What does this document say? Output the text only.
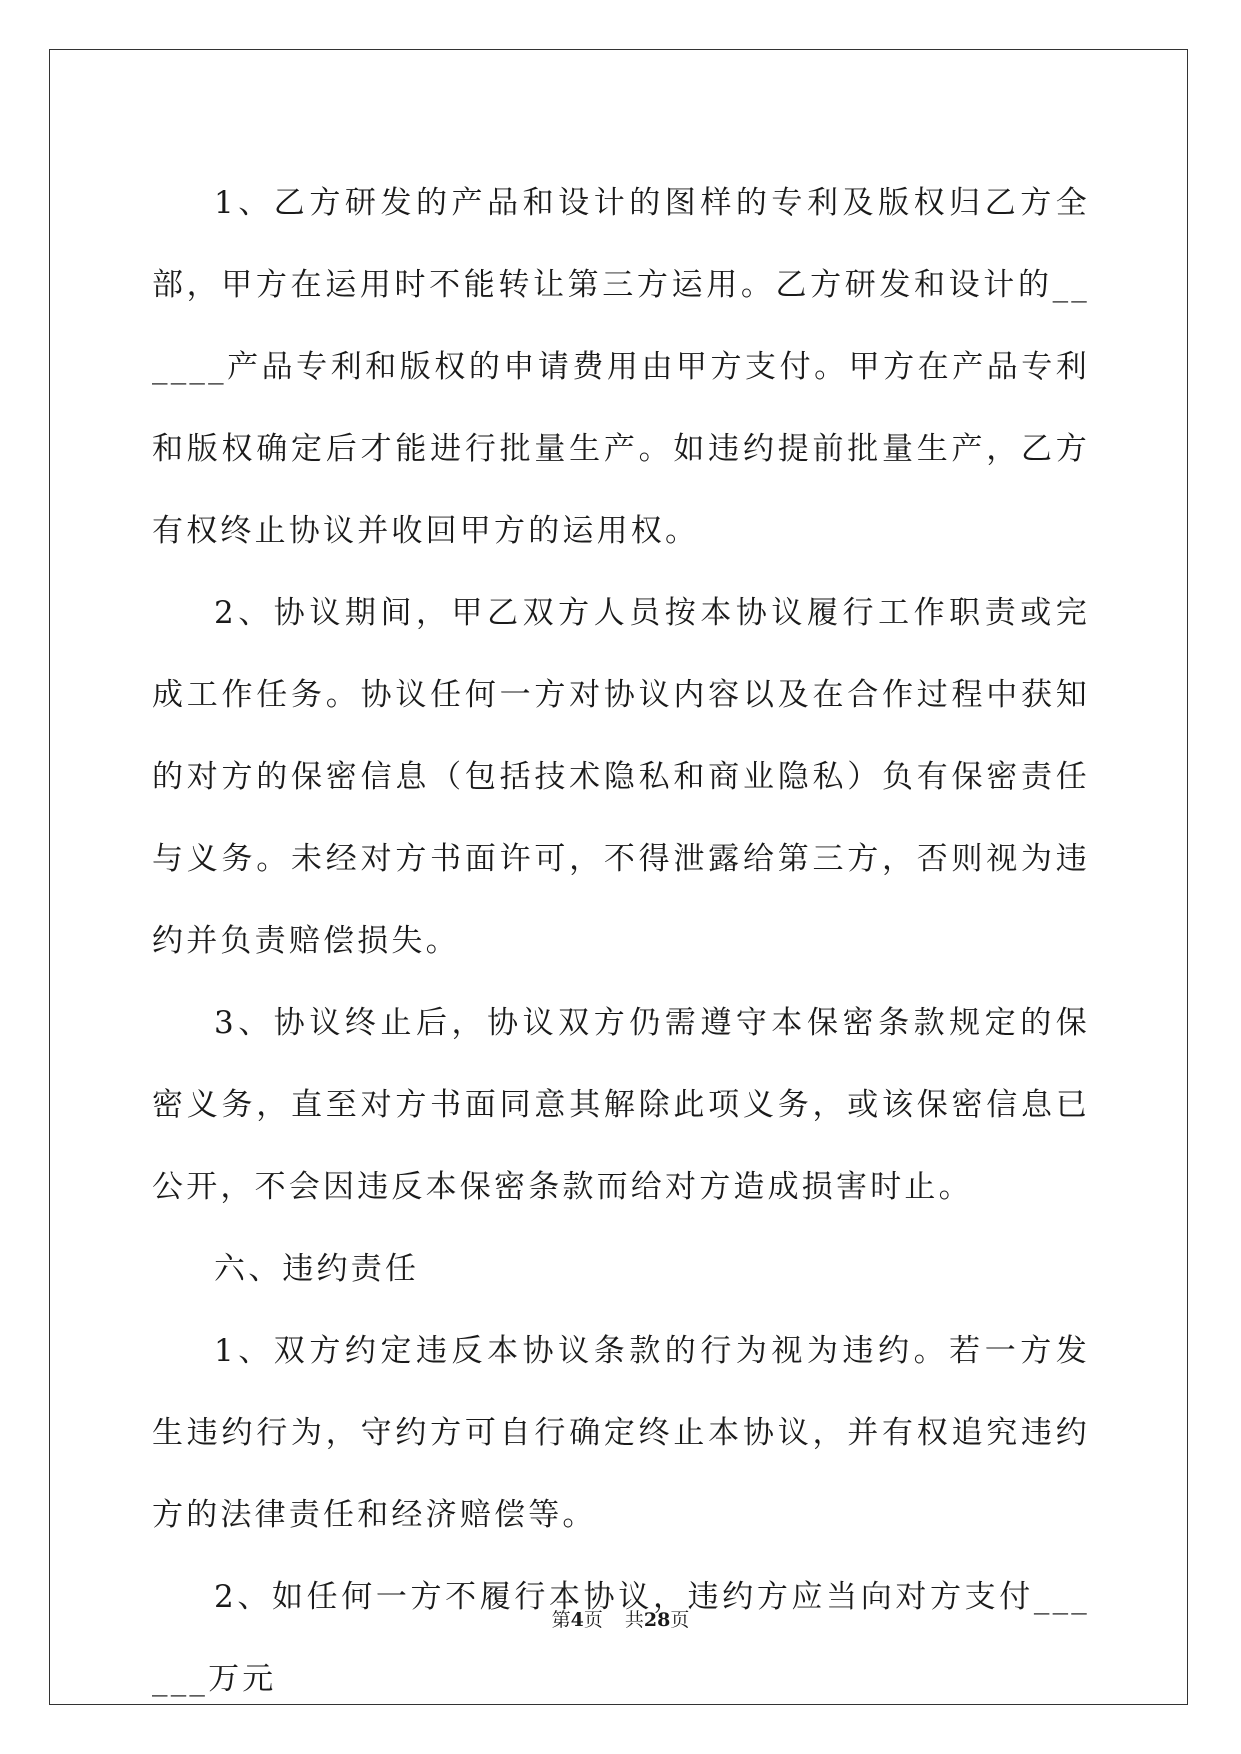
1、乙方研发的产品和设计的图样的专利及版权归乙方全部，甲方在运用时不能转让第三方运用。乙方研发和设计的______产品专利和版权的申请费用由甲方支付。甲方在产品专利和版权确定后才能进行批量生产。如违约提前批量生产，乙方有权终止协议并收回甲方的运用权。

2、协议期间，甲乙双方人员按本协议履行工作职责或完成工作任务。协议任何一方对协议内容以及在合作过程中获知的对方的保密信息（包括技术隐私和商业隐私）负有保密责任与义务。未经对方书面许可，不得泄露给第三方，否则视为违约并负责赔偿损失。

3、协议终止后，协议双方仍需遵守本保密条款规定的保密义务，直至对方书面同意其解除此项义务，或该保密信息已公开，不会因违反本保密条款而给对方造成损害时止。

六、违约责任

1、双方约定违反本协议条款的行为视为违约。若一方发生违约行为，守约方可自行确定终止本协议，并有权追究违约方的法律责任和经济赔偿等。

2、如任何一方不履行本协议，违约方应当向对方支付______万元

第4页 共28页
